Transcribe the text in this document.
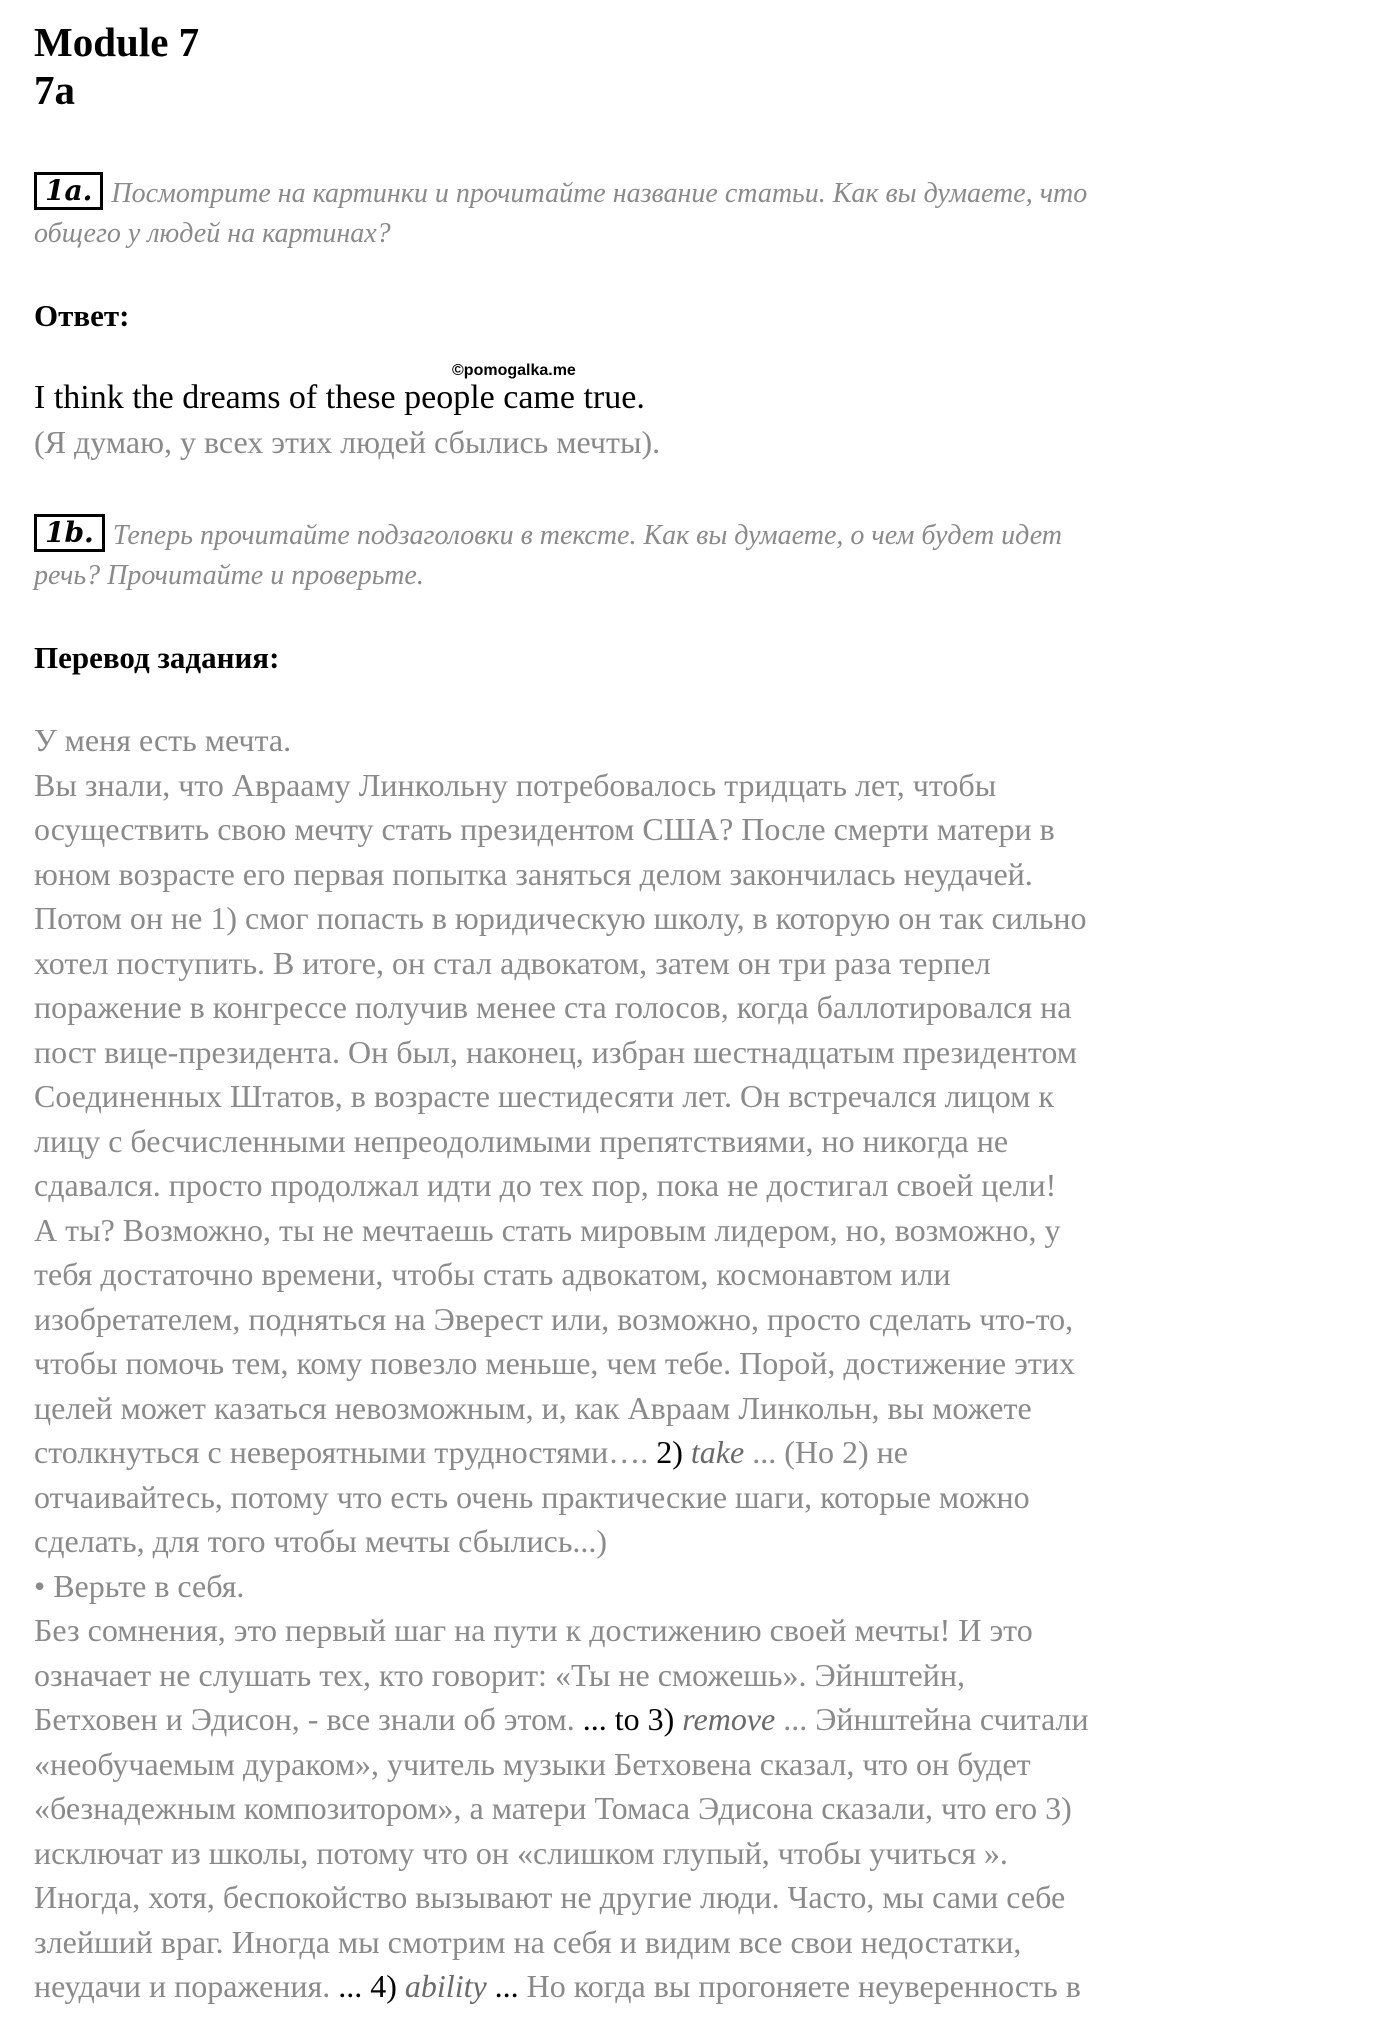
Module 7
7a
1a. Посмотрите на картинки и прочитайте название статьи. Как вы думаете, что
общего у людей на картинах?
Ответ:
©pomogalka.me
I think the dreams of these people came true.
(Я думаю, у всех этих людей сбылись мечты).
1b. Теперь прочитайте подзаголовки в тексте. Как вы думаете, о чем будет идет
речь? Прочитайте и проверьте.
Перевод задания:
У меня есть мечта.
Вы знали, что Аврааму Линкольну потребовалось тридцать лет, чтобы
осуществить свою мечту стать президентом США? После смерти матери в
юном возрасте его первая попытка заняться делом закончилась неудачей.
Потом он не 1) смог попасть в юридическую школу, в которую он так сильно
хотел поступить. В итоге, он стал адвокатом, затем он три раза терпел
поражение в конгрессе получив менее ста голосов, когда баллотировался на
пост вице-президента. Он был, наконец, избран шестнадцатым президентом
Соединенных Штатов, в возрасте шестидесяти лет. Он встречался лицом к
лицу с бесчисленными непреодолимыми препятствиями, но никогда не
сдавался. просто продолжал идти до тех пор, пока не достигал своей цели!
А ты? Возможно, ты не мечтаешь стать мировым лидером, но, возможно, у
тебя достаточно времени, чтобы стать адвокатом, космонавтом или
изобретателем, подняться на Эверест или, возможно, просто сделать что-то,
чтобы помочь тем, кому повезло меньше, чем тебе. Порой, достижение этих
целей может казаться невозможным, и, как Авраам Линкольн, вы можете
столкнуться с невероятными трудностями…. 2) take ... (Но 2) не
отчаивайтесь, потому что есть очень практические шаги, которые можно
сделать, для того чтобы мечты сбылись...)
• Верьте в себя.
Без сомнения, это первый шаг на пути к достижению своей мечты! И это
означает не слушать тех, кто говорит: «Ты не сможешь». Эйнштейн,
Бетховен и Эдисон, - все знали об этом. ... to 3) remove ... Эйнштейна считали
«необучаемым дураком», учитель музыки Бетховена сказал, что он будет
«безнадежным композитором», а матери Томаса Эдисона сказали, что его 3)
исключат из школы, потому что он «слишком глупый, чтобы учиться ».
Иногда, хотя, беспокойство вызывают не другие люди. Часто, мы сами себе
злейший враг. Иногда мы смотрим на себя и видим все свои недостатки,
неудачи и поражения. ... 4) ability ... Но когда вы прогоняете неуверенность в
